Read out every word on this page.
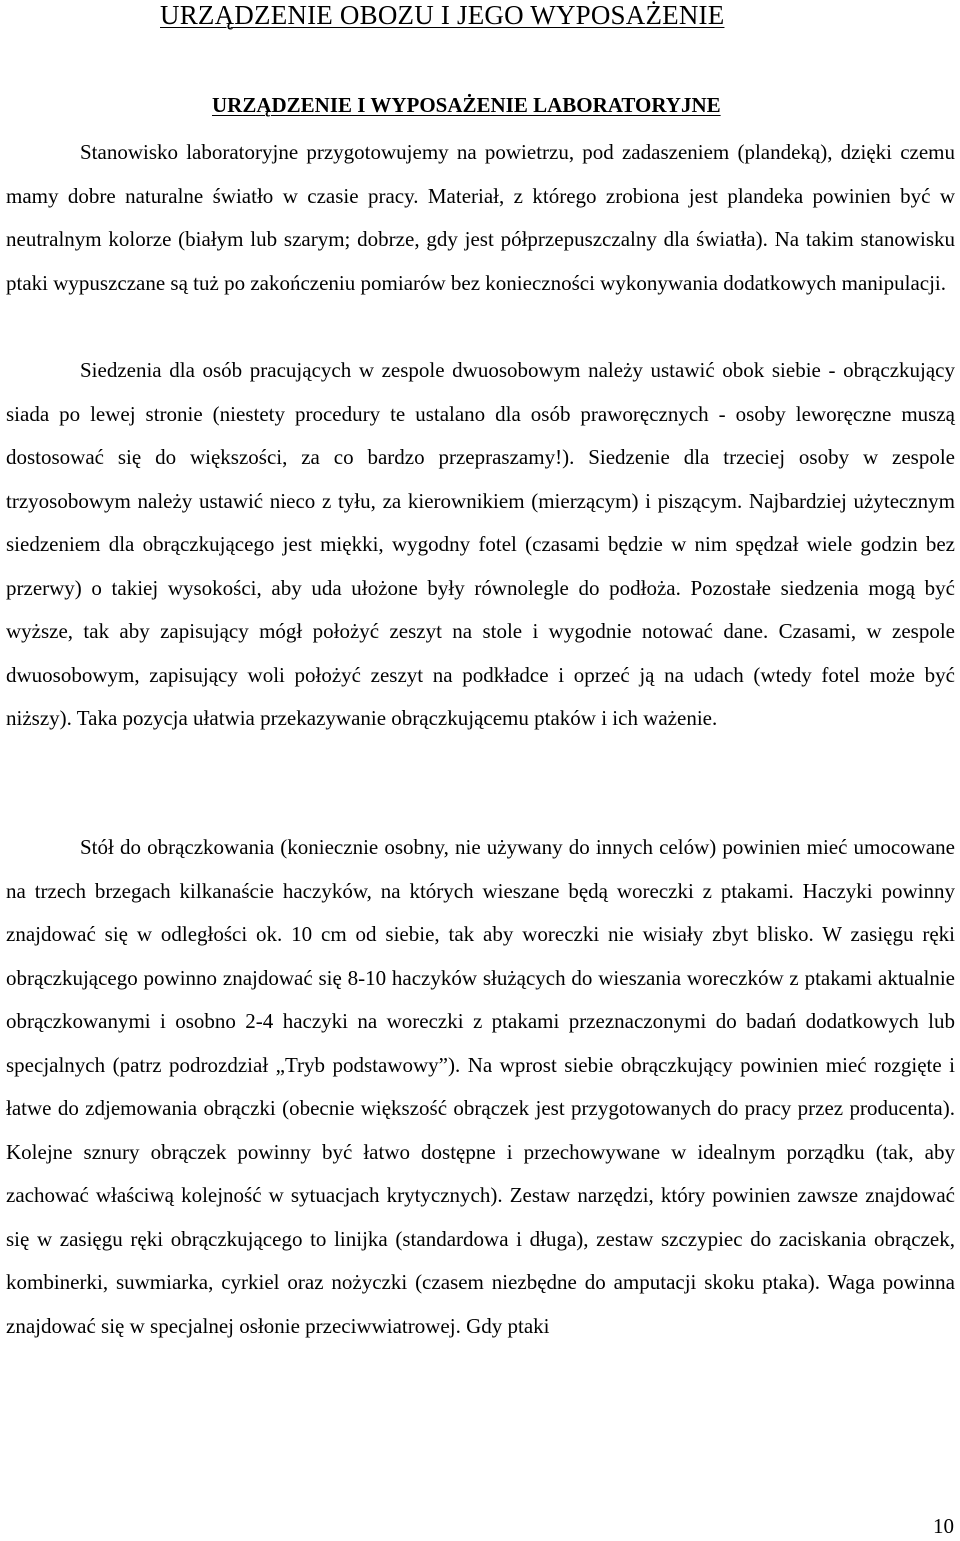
URZĄDZENIE OBOZU I JEGO WYPOSAŻENIE
URZĄDZENIE I WYPOSAŻENIE LABORATORYJNE

Stanowisko laboratoryjne przygotowujemy na powietrzu, pod zadaszeniem (plandeką), dzięki czemu mamy dobre naturalne światło w czasie pracy. Materiał, z którego zrobiona jest plandeka powinien być w neutralnym kolorze (białym lub szarym; dobrze, gdy jest półprzepuszczalny dla światła). Na takim stanowisku ptaki wypuszczane są tuż po zakończeniu pomiarów bez konieczności wykonywania dodatkowych manipulacji.

Siedzenia dla osób pracujących w zespole dwuosobowym należy ustawić obok siebie - obrączkujący siada po lewej stronie (niestety procedury te ustalano dla osób praworęcznych - osoby leworęczne muszą dostosować się do większości, za co bardzo przepraszamy!). Siedzenie dla trzeciej osoby w zespole trzyosobowym należy ustawić nieco z tyłu, za kierownikiem (mierzącym) i piszącym. Najbardziej użytecznym siedzeniem dla obrączkującego jest miękki, wygodny fotel (czasami będzie w nim spędzał wiele godzin bez przerwy) o takiej wysokości, aby uda ułożone były równolegle do podłoża. Pozostałe siedzenia mogą być wyższe, tak aby zapisujący mógł położyć zeszyt na stole i wygodnie notować dane. Czasami, w zespole dwuosobowym, zapisujący woli położyć zeszyt na podkładce i oprzeć ją na udach (wtedy fotel może być niższy). Taka pozycja ułatwia przekazywanie obrączkującemu ptaków i ich ważenie.

Stół do obrączkowania (koniecznie osobny, nie używany do innych celów) powinien mieć umocowane na trzech brzegach kilkanaście haczyków, na których wieszane będą woreczki z ptakami. Haczyki powinny znajdować się w odległości ok. 10 cm od siebie, tak aby woreczki nie wisiały zbyt blisko. W zasięgu ręki obrączkującego powinno znajdować się 8-10 haczyków służących do wieszania woreczków z ptakami aktualnie obrączkowanymi i osobno 2-4 haczyki na woreczki z ptakami przeznaczonymi do badań dodatkowych lub specjalnych (patrz podrozdział „Tryb podstawowy”). Na wprost siebie obrączkujący powinien mieć rozgięte i łatwe do zdjemowania obrączki (obecnie większość obrączek jest przygotowanych do pracy przez producenta). Kolejne sznury obrączek powinny być łatwo dostępne i przechowywane w idealnym porządku (tak, aby zachować właściwą kolejność w sytuacjach krytycznych). Zestaw narzędzi, który powinien zawsze znajdować się w zasięgu ręki obrączkującego to linijka (standardowa i długa), zestaw szczypiec do zaciskania obrączek, kombinerki, suwmiarka, cyrkiel oraz nożyczki (czasem niezbędne do amputacji skoku ptaka). Waga powinna znajdować się w specjalnej osłonie przeciwwiatrowej. Gdy ptaki

10
